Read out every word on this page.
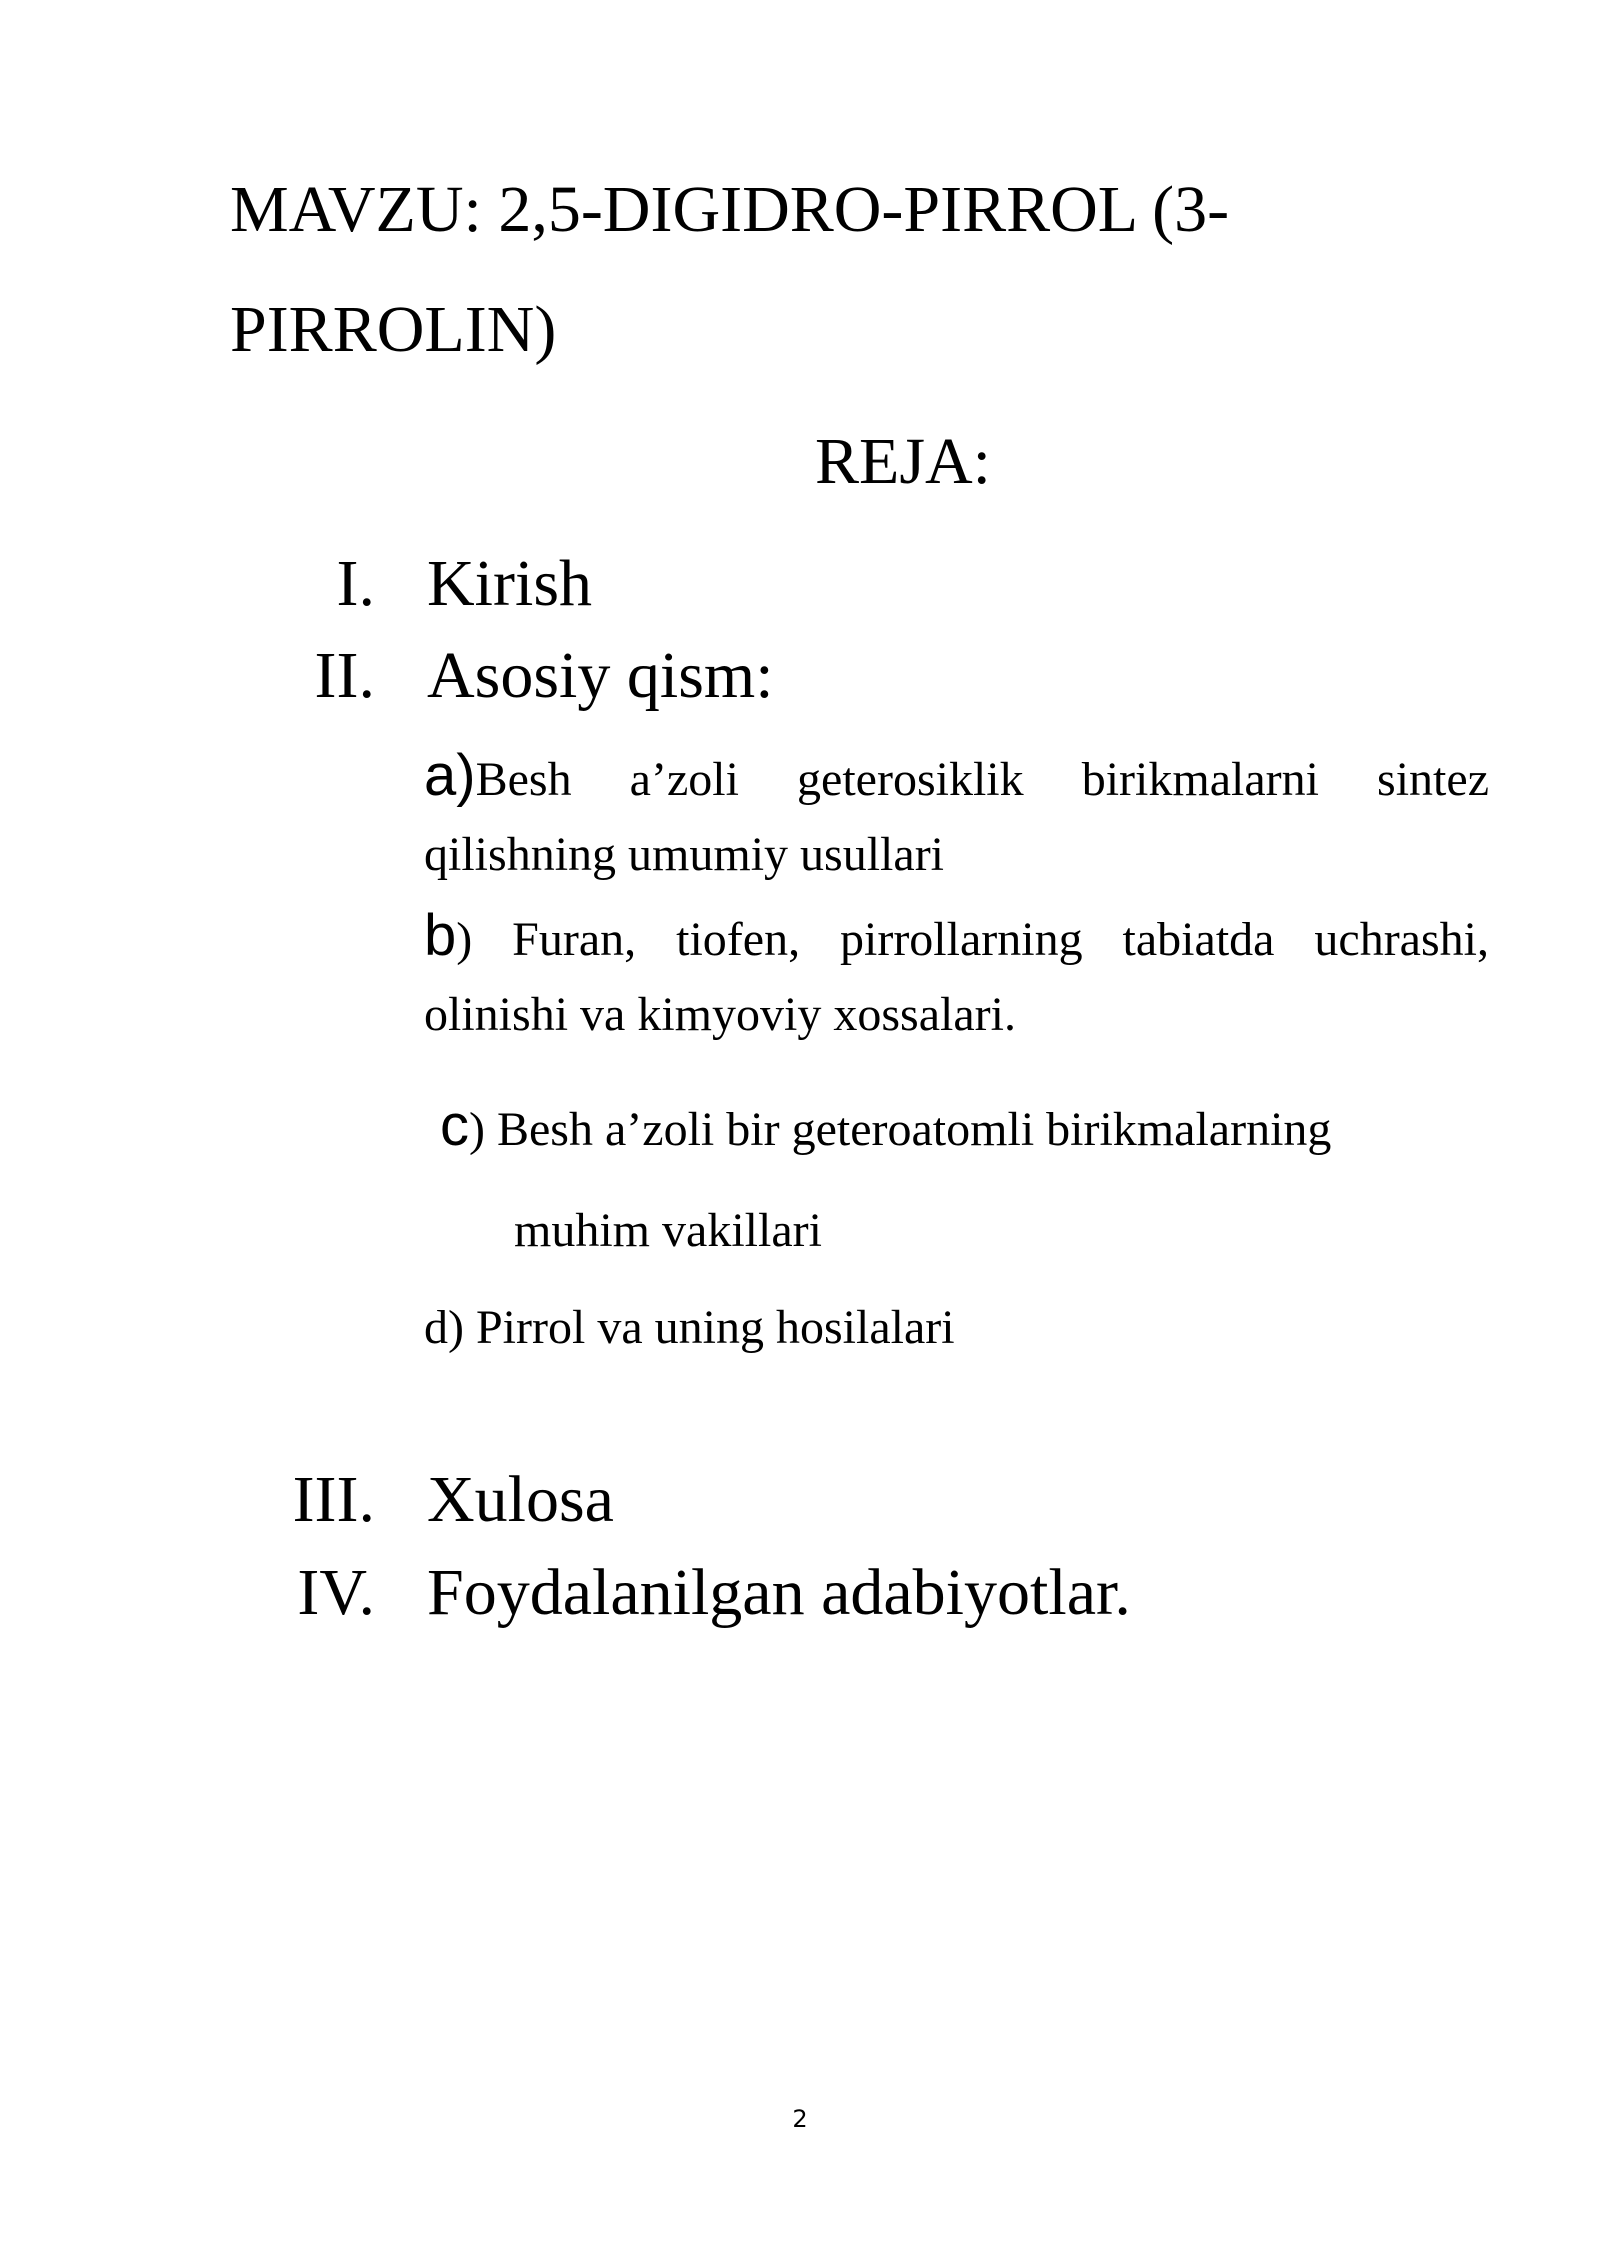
MAVZU: 2,5-DIGIDRO-PIRROL (3-PIRROLIN)
REJA:
I. Kirish
II. Asosiy qism:
a)Besh a’zoli geterosiklik birikmalarni sintez qilishning umumiy usullari
b) Furan, tiofen, pirrollarning tabiatda uchrashi, olinishi va kimyoviy xossalari.
c) Besh a’zoli bir geteroatomli birikmalarning
muhim vakillari
d) Pirrol va uning hosilalari
III. Xulosa
IV. Foydalanilgan adabiyotlar.
2
